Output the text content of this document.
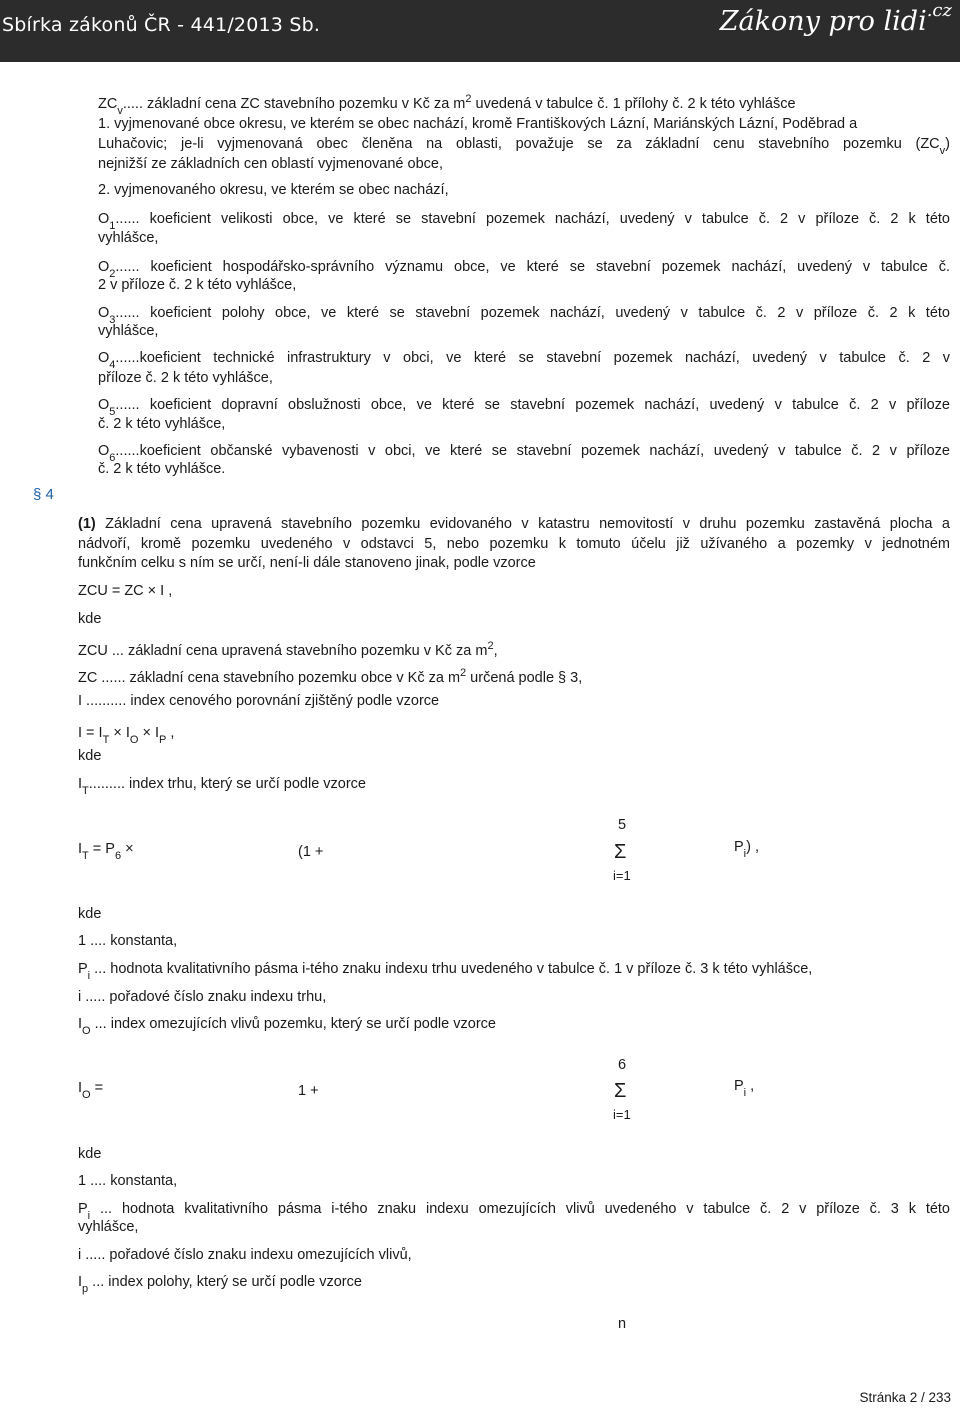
Sbírka zákonů ČR - 441/2013 Sb.	Zákony pro lidi$^{.cz}$
$ZC_v$..... základní cena ZC stavebního pozemku v Kč za $m^2$ uvedená v tabulce č. 1 přílohy č. 2 k této vyhlášce
1. vyjmenované obce okresu, ve kterém se obec nachází, kromě Františkových Lázní, Mariánských Lázní, Poděbrad a
Luhačovic; je-li vyjmenovaná obec členěna na oblasti, považuje se za základní cenu stavebního pozemku $(ZC_v)$
nejnižší ze základních cen oblastí vyjmenované obce,
2. vyjmenovaného okresu, ve kterém se obec nachází,
$O_1$...... koeficient velikosti obce, ve které se stavební pozemek nachází, uvedený v tabulce č. 2 v příloze č. 2 k této
vyhlášce,
$O_2$...... koeficient hospodářsko-správního významu obce, ve které se stavební pozemek nachází, uvedený v tabulce č.
2 v příloze č. 2 k této vyhlášce,
$O_3$...... koeficient polohy obce, ve které se stavební pozemek nachází, uvedený v tabulce č. 2 v příloze č. 2 k této
vyhlášce,
$O_4......koeficient$ technické infrastruktury v obci, ve které se stavební pozemek nachází, uvedený v tabulce č. 2 v
příloze č. 2 k této vyhlášce,
$O_5$...... koeficient dopravní obslužnosti obce, ve které se stavební pozemek nachází, uvedený v tabulce č. 2 v příloze
č. 2 k této vyhlášce,
$O_6......koeficient$ občanské vybavenosti v obci, ve které se stavební pozemek nachází, uvedený v tabulce č. 2 v příloze
č. 2 k této vyhlášce.
§ 4
(1) Základní cena upravená stavebního pozemku evidovaného v katastru nemovitostí v druhu pozemku zastavěná plocha a
nádvoří, kromě pozemku uvedeného v odstavci 5, nebo pozemku k tomuto účelu již užívaného a pozemky v jednotném
funkčním celku s ním se určí, není-li dále stanoveno jinak, podle vzorce
ZCU = ZC × I ,
kde
ZCU ... základní cena upravená stavebního pozemku v Kč za $m^2$,
ZC ...... základní cena stavebního pozemku obce v Kč za $m^2$ určená podle § 3,
I .......... index cenového porovnání zjištěný podle vzorce
$I = I_T \times I_O \times I_P$ ,
kde
$I_T$......... index trhu, který se určí podle vzorce
5
$I_T = P_6$ ×	(1 +	Σ	$P_i$) ,
i=1
kde
1 .... konstanta,
$P_i$ ... hodnota kvalitativního pásma i-tého znaku indexu trhu uvedeného v tabulce č. 1 v příloze č. 3 k této vyhlášce,
i ..... pořadové číslo znaku indexu trhu,
$I_O$ ... index omezujících vlivů pozemku, který se určí podle vzorce
6
$I_O$ =	1 +	Σ	$P_i$ ,
i=1
kde
1 .... konstanta,
$P_i$ ... hodnota kvalitativního pásma i-tého znaku indexu omezujících vlivů uvedeného v tabulce č. 2 v příloze č. 3 k této
vyhlášce,
i ..... pořadové číslo znaku indexu omezujících vlivů,
$I_p$ ... index polohy, který se určí podle vzorce
n
Stránka 2 / 233
